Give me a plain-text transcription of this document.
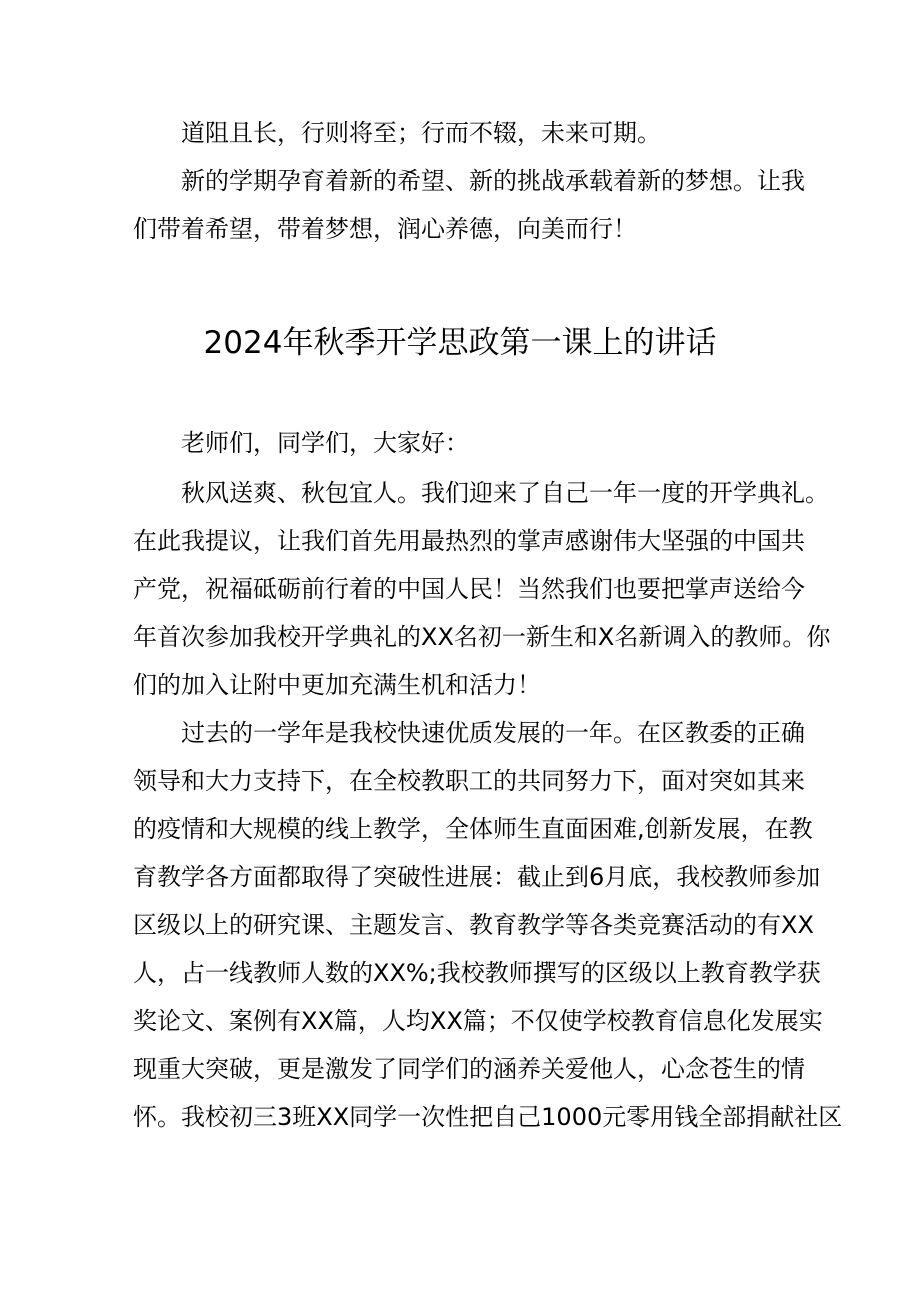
道阻且长，行则将至；行而不辍，未来可期。
新的学期孕育着新的希望、新的挑战承载着新的梦想。让我
们带着希望，带着梦想，润心养德，向美而行！
2024年秋季开学思政第一课上的讲话
老师们，同学们，大家好：
秋风送爽、秋包宜人。我们迎来了自己一年一度的开学典礼。
在此我提议，让我们首先用最热烈的掌声感谢伟大坚强的中国共
产党，祝福砥砺前行着的中国人民！当然我们也要把掌声送给今
年首次参加我校开学典礼的XX名初一新生和X名新调入的教师。你
们的加入让附中更加充满生机和活力！
过去的一学年是我校快速优质发展的一年。在区教委的正确
领导和大力支持下，在全校教职工的共同努力下，面对突如其来
的疫情和大规模的线上教学，全体师生直面困难,创新发展，在教
育教学各方面都取得了突破性进展：截止到6月底，我校教师参加
区级以上的研究课、主题发言、教育教学等各类竞赛活动的有XX
人，占一线教师人数的XX%;我校教师撰写的区级以上教育教学获
奖论文、案例有XX篇，人均XX篇；不仅使学校教育信息化发展实
现重大突破，更是激发了同学们的涵养关爱他人，心念苍生的情
怀。我校初三3班XX同学一次性把自己1000元零用钱全部捐献社区
